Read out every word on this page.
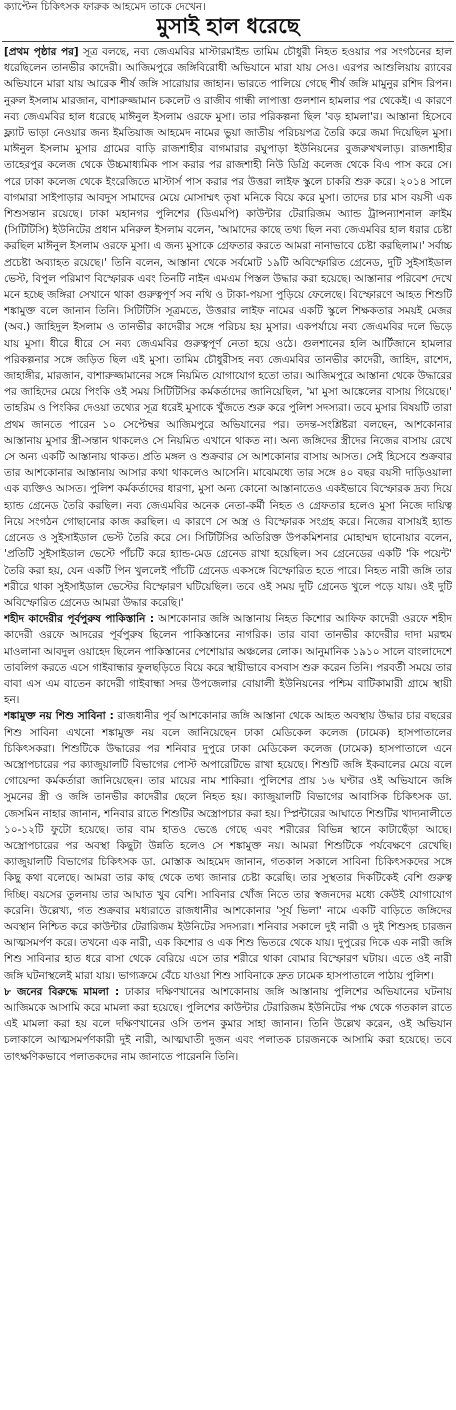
ক্যাপ্টেন চিকিৎসক ফারুক আহমেদ তাকে দেখেন।
মুসাই হাল ধরেছে

[প্রথম পৃষ্ঠার পর] সূত্র বলছে, নব্য জেএমবির মাস্টারমাইন্ড তামিম চৌধুরী নিহত হওয়ার পর সংগঠনের হাল ধরেছিলেন তানভীর কাদেরী। আজিমপুরে জঙ্গিবিরোধী অভিযানে মারা যায় সেও। এরপর আশুলিয়ায় র‍্যাবের অভিযানে মারা যায় আরেক শীর্ষ জঙ্গি সারোয়ার জাহান। ভারতে পালিয়ে গেছে শীর্ষ জঙ্গি মামুনুর রশিদ রিপন। নুরুল ইসলাম মারজান, বাশারুজ্জামান চকলেট ও রাজীব গান্ধী লাপাত্তা গুলশান হামলার পর থেকেই। এ কারণে নব্য জেএমবির হাল ধরেছে মাঈনুল ইসলাম ওরফে মুসা। তার পরিকল্পনা ছিল 'বড় হামলা'র। আস্তানা হিসেবে ফ্ল্যাট ভাড়া নেওয়ার জন্য ইমতিয়াজ আহমেদ নামের ভুয়া জাতীয় পরিচয়পত্র তৈরি করে জমা দিয়েছিল মুসা। মাঈনুল ইসলাম মুসার গ্রামের বাড়ি রাজশাহীর বাগমারার রঘুপাড়া ইউনিয়নের বুজরুখখলাড়। রাজশাহীর তাহেরপুর কলেজ থেকে উচ্চমাধ্যমিক পাস করার পর রাজশাহী নিউ ডিগ্রি কলেজ থেকে বিএ পাস করে সে। পরে ঢাকা কলেজ থেকে ইংরেজিতে মাস্টার্স পাস করার পর উত্তরা লাইফ স্কুলে চাকরি শুরু করে। ২০১৪ সালে বাগমারা সাইপাড়ার আবদুস সামাদের মেয়ে মোসাম্মৎ তৃষা মনিকে বিয়ে করে মুসা। তাদের চার মাস বয়সী এক শিশুসন্তান রয়েছে। ঢাকা মহানগর পুলিশের (ডিএমপি) কাউন্টার টেরারিজম অ্যান্ড ট্রান্সন্যাশনাল ক্রাইম (সিটিটিসি) ইউনিটের প্রধান মনিরুল ইসলাম বলেন, 'আমাদের কাছে তথ্য ছিল নব্য জেএমবির হাল ধরার চেষ্টা করছিল মাঈনুল ইসলাম ওরফে মুসা। এ জন্য মুসাকে গ্রেফতার করতে আমরা নানাভাবে চেষ্টা করছিলাম।' সর্বাচ্চ প্রচেষ্টা অব্যাহত রয়েছে।' তিনি বলেন, আস্তানা থেকে সর্বমোট ১৯টি অবিস্ফোরিত গ্রেনেড, দুটি সুইসাইডাল ভেস্ট, বিপুল পরিমাণ বিস্ফোরক এবং তিনটি নাইন এমএম পিস্তল উদ্ধার করা হয়েছে। আস্তানার পরিবেশ দেখে মনে হচ্ছে জঙ্গিরা সেখানে থাকা গুরুত্বপূর্ণ সব নথি ও টাকা-পয়সা পুড়িয়ে ফেলেছে। বিস্ফোরণে আহত শিশুটি শঙ্কামুক্ত বলে জানান তিনি। সিটিটিসি সূত্রমতে, উত্তরার লাইফ নামের একটি স্কুলে শিক্ষকতার সময়ই মেজর (অব.) জাহিদুল ইসলাম ও তানভীর কাদেরীর সঙ্গে পরিচয় হয় মুসার। একপর্যায়ে নব্য জেএমবির দলে ভিড়ে যায় মুসা। ধীরে ধীরে সে নব্য জেএমবির গুরুত্বপূর্ণ নেতা হয়ে ওঠে। গুলশানের হলি আর্টিজানে হামলার পরিকল্পনার সঙ্গে জড়িত ছিল এই মুসা। তামিম চৌধুরীসহ নব্য জেএমবির তানভীর কাদেরী, জাহিদ, রাশেদ, জাহাঙ্গীর, মারজান, বাশারুজ্জামানের সঙ্গে নিয়মিত যোগাযোগ হতো তার। আজিমপুরে আস্তানা থেকে উদ্ধারের পর জাহিদের মেয়ে পিংকি ওই সময় সিটিটিসির কর্মকর্তাদের জানিয়েছিল, 'মা মুসা আঙ্কেলের বাসায় গিয়েছে।' তাহরিম ও পিংকির দেওয়া তথ্যের সূত্র ধরেই মুসাকে খুঁজতে শুরু করে পুলিশ সদস্যরা। তবে মুসার বিষয়টি তারা প্রথম জানতে পারেন ১০ সেপ্টেম্বর আজিমপুরে অভিযানের পর। তদন্ত-সংশ্লিষ্টরা বলছেন, আশকোনার আস্তানায় মুসার স্ত্রী-সন্তান থাকলেও সে নিয়মিত এখানে থাকত না। অন্য জঙ্গিদের স্ত্রীদের নিজের বাসায় রেখে সে অন্য একটি আস্তানায় থাকত। প্রতি মঙ্গল ও শুক্রবার সে আশকোনার বাসায় আসত। সেই হিসেবে শুক্রবার তার আশকোনার আস্তানায় আসার কথা থাকলেও আসেনি। মাঝেমধ্যে তার সঙ্গে ৪০ বছর বয়সী দাড়িওয়ালা এক ব্যক্তিও আসত। পুলিশ কর্মকর্তাদের ধারণা, মুসা অন্য কোনো আস্তানাতেও একইভাবে বিস্ফোরক দ্রব্য দিয়ে হ্যান্ড গ্রেনেড তৈরি করছিল। নব্য জেএমবির অনেক নেতা-কর্মী নিহত ও গ্রেফতার হলেও মুসা নিজে দায়িত্ব নিয়ে সংগঠন গোছানোর কাজ করছিল। এ কারণে সে অস্ত্র ও বিস্ফোরক সংগ্রহ করে। নিজের বাসায়ই হ্যান্ড গ্রেনেড ও সুইসাইডাল ভেস্ট তৈরি করে সে। সিটিটিসির অতিরিক্ত উপকমিশনার মোহাম্মদ ছানোয়ার বলেন, 'প্রতিটি সুইসাইডাল ভেস্টে পাঁচটি করে হ্যান্ড-মেড গ্রেনেড রাখা হয়েছিল। সব গ্রেনেডের একটি 'কি পয়েন্ট' তৈরি করা হয়, যেন একটি পিন খুললেই পাঁচটি গ্রেনেড একসঙ্গে বিস্ফোরিত হতে পারে। নিহত নারী জঙ্গি তার শরীরে থাকা সুইসাইডাল ভেস্টের বিস্ফোরণ ঘটিয়েছিল। তবে ওই সময় দুটি গ্রেনেড খুলে পড়ে যায়। ওই দুটি অবিস্ফোরিত গ্রেনেড আমরা উদ্ধার করেছি।'

শহীদ কাদেরীর পূর্বপুরুষ পাকিস্তানি : আশকোনার জঙ্গি আস্তানায় নিহত কিশোর আফিফ কাদেরী ওরফে শহীদ কাদেরী ওরফে আদরের পূর্বপুরুষ ছিলেন পাকিস্তানের নাগরিক। তার বাবা তানভীর কাদেরীর দাদা মরহুম মাওলানা আবদুল ওয়াহেদ ছিলেন পাকিস্তানের পেশোয়ার অঞ্চলের লোক। আনুমানিক ১৯১০ সালে বাংলাদেশে তাবলিগ করতে এসে গাইবান্ধার ফুলছড়িতে বিয়ে করে স্থায়ীভাবে বসবাস শুরু করেন তিনি। পরবর্তী সময়ে তার বাবা এস এম বাতেন কাদেরী গাইবান্ধা সদর উপজেলার বোয়ালী ইউনিয়নের পশ্চিম বাটিকামারী গ্রামে স্থায়ী হন।

শঙ্কামুক্ত নয় শিশু সাবিনা : রাজধানীর পূর্ব আশকোনার জঙ্গি আস্তানা থেকে আহত অবস্থায় উদ্ধার চার বছরের শিশু সাবিনা এখনো শঙ্কামুক্ত নয় বলে জানিয়েছেন ঢাকা মেডিকেল কলেজ (ঢামেক) হাসপাতালের চিকিৎসকরা। শিশুটিকে উদ্ধারের পর শনিবার দুপুরে ঢাকা মেডিকেল কলেজ (ঢামেক) হাসপাতালে এনে অস্ত্রোপচারের পর ক্যাজুয়ালটি বিভাগের পোস্ট অপারেটিভে রাখা হয়েছে। শিশুটি জঙ্গি ইকবালের মেয়ে বলে গোয়েন্দা কর্মকর্তারা জানিয়েছেন। তার মায়ের নাম শাকিরা। পুলিশের প্রায় ১৬ ঘণ্টার ওই অভিযানে জঙ্গি সুমনের স্ত্রী ও জঙ্গি তানভীর কাদেরীর ছেলে নিহত হয়। ক্যাজুয়ালটি বিভাগের আবাসিক চিকিৎসক ডা. জেসমিন নাহার জানান, শনিবার রাতে শিশুটির অস্ত্রোপচার করা হয়। স্প্লিন্টারের আঘাতে শিশুটির খাদ্যনালীতে ১০-১২টি ফুটো হয়েছে। তার বাম হাতও ভেঙে গেছে এবং শরীরের বিভিন্ন স্থানে কাটাছেঁড়া আছে। অস্ত্রোপচারের পর অবস্থা কিছুটা উন্নতি হলেও সে শঙ্কামুক্ত নয়। আমরা শিশুটিকে পর্যবেক্ষণে রেখেছি। ক্যাজুয়ালটি বিভাগের চিকিৎসক ডা. মোস্তাক আহমেদ জানান, গতকাল সকালে সাবিনা চিকিৎসকদের সঙ্গে কিছু কথা বলেছে। আমরা তার কাছ থেকে তথ্য জানার চেষ্টা করেছি। তার সুস্থতার দিকটিকেই বেশি গুরুত্ব দিচ্ছি। বয়সের তুলনায় তার আঘাত খুব বেশি। সাবিনার খোঁজ নিতে তার স্বজনদের মধ্যে কেউই যোগাযোগ করেনি। উল্লেখ্য, গত শুক্রবার মধ্যরাতে রাজধানীর আশকোনার 'সূর্য ভিলা' নামে একটি বাড়িতে জঙ্গিদের অবস্থান নিশ্চিত করে কাউন্টার টেরারিজম ইউনিটের সদস্যরা। শনিবার সকালে দুই নারী ও দুই শিশুসহ চারজন আত্মসমর্পণ করে। তখনো এক নারী, এক কিশোর ও এক শিশু ভিতরে থেকে যায়। দুপুরের দিকে এক নারী জঙ্গি শিশু সাবিনার হাত ধরে বাসা থেকে বেরিয়ে এসে তার শরীরে থাকা বোমার বিস্ফোরণ ঘটায়। এতে ওই নারী জঙ্গি ঘটনাস্থলেই মারা যায়। ভাগ্যক্রমে বেঁচে যাওয়া শিশু সাবিনাকে দ্রুত ঢামেক হাসপাতালে পাঠায় পুলিশ।

৮ জনের বিরুদ্ধে মামলা : ঢাকার দক্ষিণখানের আশকোনায় জঙ্গি আস্তানায় পুলিশের অভিযানের ঘটনায় আজিমকে আসামি করে মামলা করা হয়েছে। পুলিশের কাউন্টার টেরারিজম ইউনিটের পক্ষ থেকে গতকাল রাতে এই মামলা করা হয় বলে দক্ষিণখানের ওসি তপন কুমার সাহা জানান। তিনি উল্লেখ করেন, ওই অভিযান চলাকালে আত্মসমর্পণকারী দুই নারী, আত্মঘাতী দুজন এবং পলাতক চারজনকে আসামি করা হয়েছে। তবে তাৎক্ষণিকভাবে পলাতকদের নাম জানাতে পারেননি তিনি।
